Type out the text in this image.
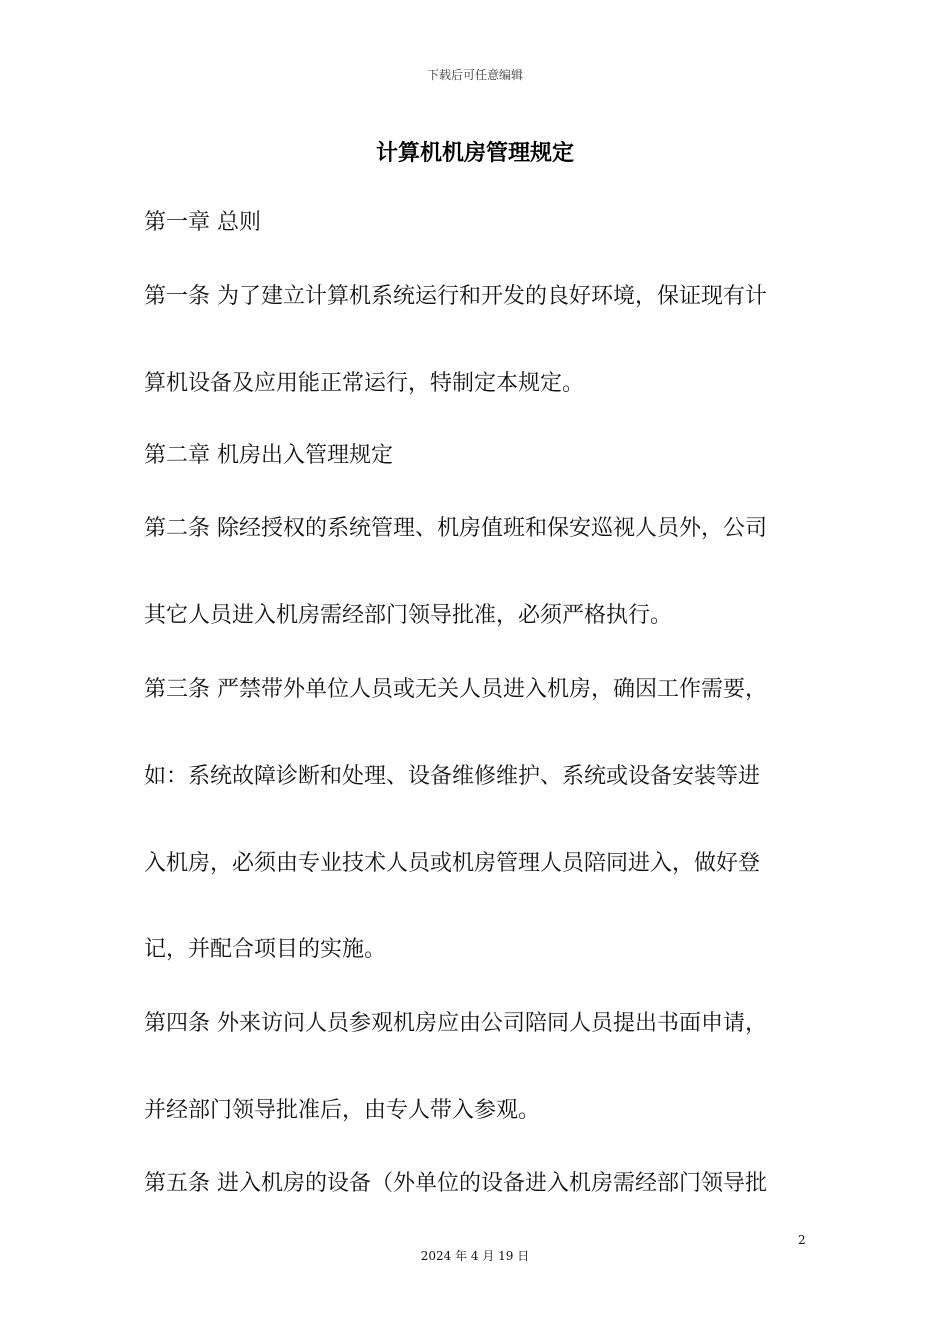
下载后可任意编辑
计算机机房管理规定
第一章 总则
第一条 为了建立计算机系统运行和开发的良好环境，保证现有计
算机设备及应用能正常运行，特制定本规定。
第二章 机房出入管理规定
第二条 除经授权的系统管理、机房值班和保安巡视人员外，公司
其它人员进入机房需经部门领导批准，必须严格执行。
第三条 严禁带外单位人员或无关人员进入机房，确因工作需要，
如：系统故障诊断和处理、设备维修维护、系统或设备安装等进
入机房，必须由专业技术人员或机房管理人员陪同进入，做好登
记，并配合项目的实施。
第四条 外来访问人员参观机房应由公司陪同人员提出书面申请，
并经部门领导批准后，由专人带入参观。
第五条 进入机房的设备（外单位的设备进入机房需经部门领导批
2
2024 年 4 月 19 日
